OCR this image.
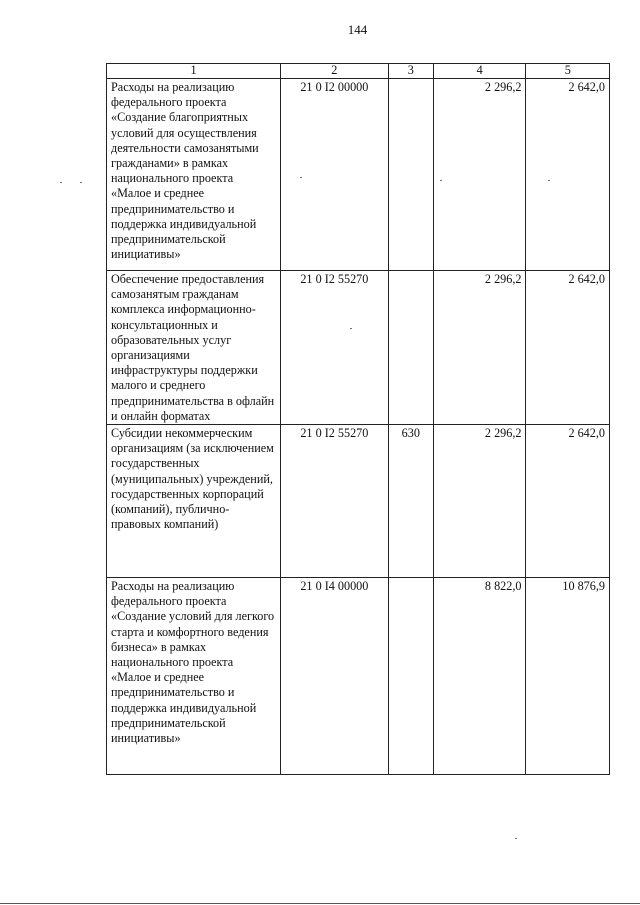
144
1	2	3	4	5
Расходы на реализацию федерального проекта «Создание благоприятных условий для осуществления деятельности самозанятыми гражданами» в рамках национального проекта «Малое и среднее предпринимательство и поддержка индивидуальной предпринимательской инициативы»	21 0 I2 00000		2 296,2	2 642,0
Обеспечение предоставления самозанятым гражданам комплекса информационно-консультационных и образовательных услуг организациями инфраструктуры поддержки малого и среднего предпринимательства в офлайн и онлайн форматах	21 0 I2 55270		2 296,2	2 642,0
Субсидии некоммерческим организациям (за исключением государственных (муниципальных) учреждений, государственных корпораций (компаний), публично-правовых компаний)	21 0 I2 55270	630	2 296,2	2 642,0
Расходы на реализацию федерального проекта «Создание условий для легкого старта и комфортного ведения бизнеса» в рамках национального проекта «Малое и среднее предпринимательство и поддержка индивидуальной предпринимательской инициативы»	21 0 I4 00000		8 822,0	10 876,9
